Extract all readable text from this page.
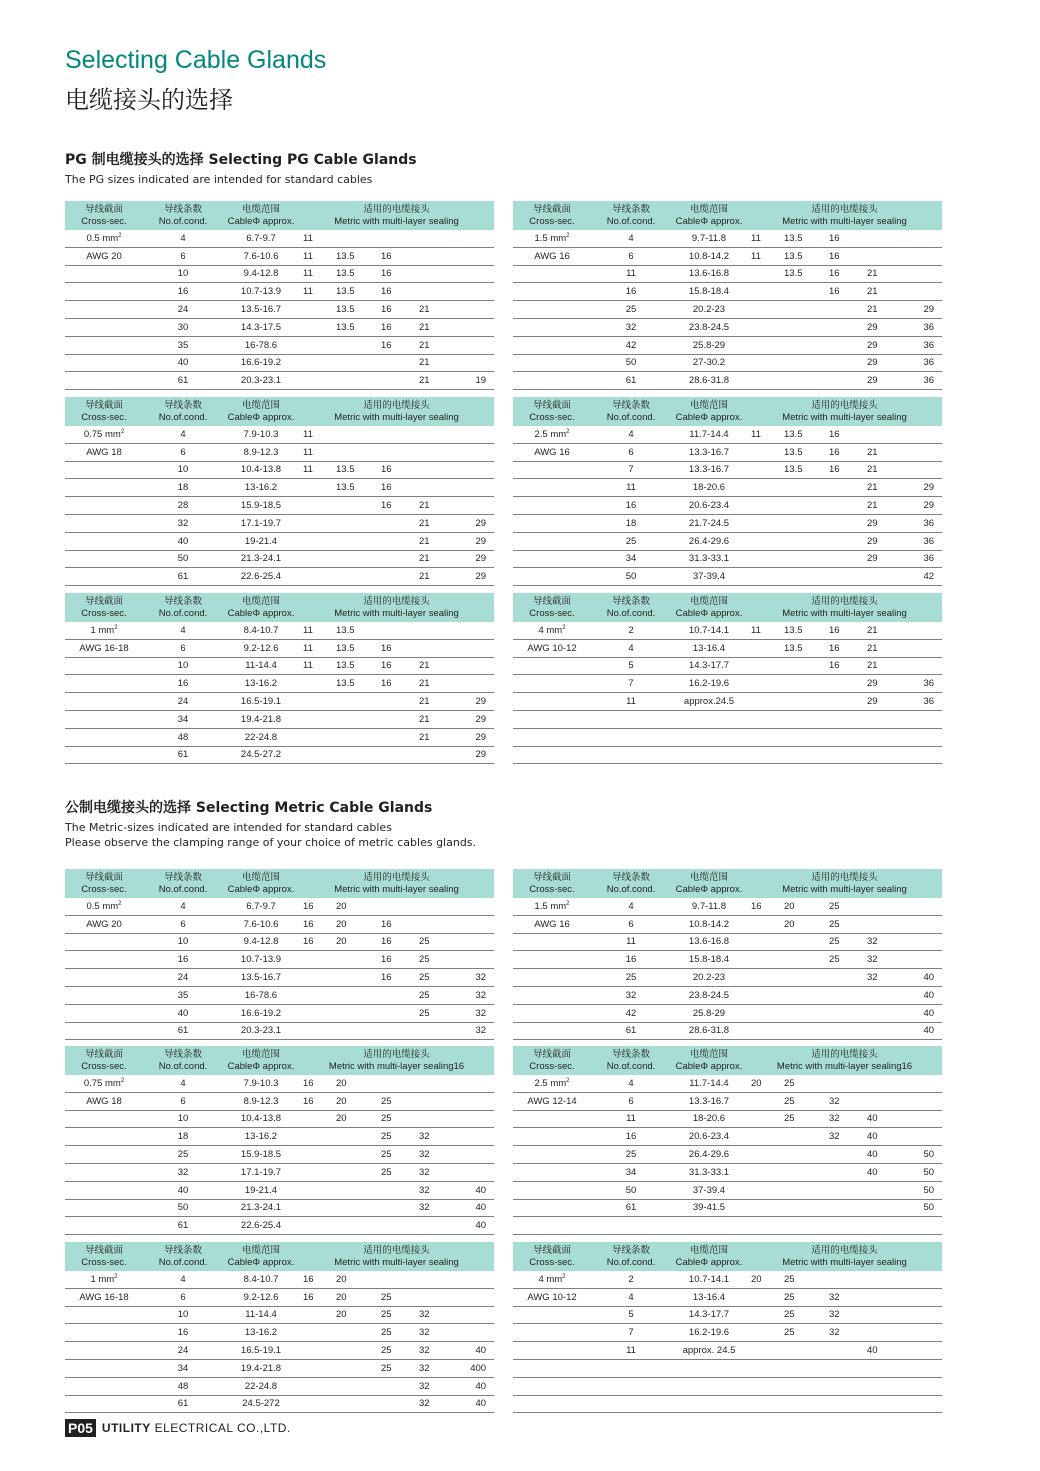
Selecting Cable Glands
电缆接头的选择
PG 制电缆接头的选择 Selecting PG Cable Glands
The PG sizes indicated are intended for standard cables
公制电缆接头的选择 Selecting Metric Cable Glands
The Metric-sizes indicated are intended for standard cables
Please observe the clamping range of your choice of metric cables glands.
导线截面
Cross-sec.	导线条数
No.of.cond.	电缆范围
CableΦ approx.	适用的电缆接头
Metric with multi-layer sealing				
0.5 $mm^2$	4	6.7-9.7	11				
AWG 20	6	7.6-10.6	11	13.5	16		
	10	9.4-12.8	11	13.5	16		
	16	10.7-13.9	11	13.5	16		
	24	13.5-16.7		13.5	16	21	
	30	14.3-17.5		13.5	16	21	
	35	16-78.6			16	21	
	40	16.6-19.2				21	
	61	20.3-23.1				21	19
导线截面
Cross-sec.	导线条数
No.of.cond.	电缆范围
CableΦ approx.	适用的电缆接头
Metric with multi-layer sealing				
1.5 $mm^2$	4	9.7-11.8	11	13.5	16		
AWG 16	6	10.8-14.2	11	13.5	16		
	11	13.6-16.8		13.5	16	21	
	16	15.8-18.4			16	21	
	25	20.2-23				21	29
	32	23.8-24.5				29	36
	42	25.8-29				29	36
	50	27-30.2				29	36
	61	28.6-31.8				29	36
导线截面
Cross-sec.	导线条数
No.of.cond.	电缆范围
CableΦ approx.	适用的电缆接头
Metric with multi-layer sealing				
0.75 $mm^2$	4	7.9-10.3	11				
AWG 18	6	8.9-12.3	11				
	10	10.4-13.8	11	13.5	16		
	18	13-16.2		13.5	16		
	28	15.9-18.5			16	21	
	32	17.1-19.7				21	29
	40	19-21.4				21	29
	50	21.3-24.1				21	29
	61	22.6-25.4				21	29
导线截面
Cross-sec.	导线条数
No.of.cond.	电缆范围
CableΦ approx.	适用的电缆接头
Metric with multi-layer sealing				
2.5 $mm^2$	4	11.7-14.4	11	13.5	16		
AWG 16	6	13.3-16.7		13.5	16	21	
	7	13.3-16.7		13.5	16	21	
	11	18-20.6				21	29
	16	20.6-23.4				21	29
	18	21.7-24.5				29	36
	25	26.4-29.6				29	36
	34	31.3-33.1				29	36
	50	37-39.4					42
导线截面
Cross-sec.	导线条数
No.of.cond.	电缆范围
CableΦ approx.	适用的电缆接头
Metric with multi-layer sealing				
1 $mm^2$	4	8.4-10.7	11	13.5			
AWG 16-18	6	9.2-12.6	11	13.5	16		
	10	11-14.4	11	13.5	16	21	
	16	13-16.2		13.5	16	21	
	24	16.5-19.1				21	29
	34	19.4-21.8				21	29
	48	22-24.8				21	29
	61	24.5-27.2					29
导线截面
Cross-sec.	导线条数
No.of.cond.	电缆范围
CableΦ approx.	适用的电缆接头
Metric with multi-layer sealing				
4 $mm^2$	2	10.7-14.1	11	13.5	16	21	
AWG 10-12	4	13-16.4		13.5	16	21	
	5	14.3-17.7			16	21	
	7	16.2-19.6				29	36
	11	approx.24.5				29	36

导线截面
Cross-sec.	导线条数
No.of.cond.	电缆范围
CableΦ approx.	适用的电缆接头
Metric with multi-layer sealing				
0.5 $mm^2$	4	6.7-9.7	16	20			
AWG 20	6	7.6-10.6	16	20	16		
	10	9.4-12.8	16	20	16	25	
	16	10.7-13.9			16	25	
	24	13.5-16.7			16	25	32
	35	16-78.6				25	32
	40	16.6-19.2				25	32
	61	20.3-23.1					32
导线截面
Cross-sec.	导线条数
No.of.cond.	电缆范围
CableΦ approx.	适用的电缆接头
Metric with multi-layer sealing				
1.5 $mm^2$	4	9.7-11.8	16	20	25		
AWG 16	6	10.8-14.2		20	25		
	11	13.6-16.8			25	32	
	16	15.8-18.4			25	32	
	25	20.2-23				32	40
	32	23.8-24.5					40
	42	25.8-29					40
	61	28.6-31.8					40
导线截面
Cross-sec.	导线条数
No.of.cond.	电缆范围
CableΦ approx.	适用的电缆接头
Metric with multi-layer sealing16				
0.75 $mm^2$	4	7.9-10.3	16	20			
AWG 18	6	8.9-12.3	16	20	25		
	10	10.4-13.8		20	25		
	18	13-16.2			25	32	
	25	15.9-18.5			25	32	
	32	17.1-19.7			25	32	
	40	19-21.4				32	40
	50	21.3-24.1				32	40
	61	22.6-25.4					40
导线截面
Cross-sec.	导线条数
No.of.cond.	电缆范围
CableΦ approx.	适用的电缆接头
Metric with multi-layer sealing16				
2.5 $mm^2$	4	11.7-14.4	20	25			
AWG 12-14	6	13.3-16.7		25	32		
	11	18-20.6		25	32	40	
	16	20.6-23.4			32	40	
	25	26.4-29.6				40	50
	34	31.3-33.1				40	50
	50	37-39.4					50
	61	39-41.5					50

导线截面
Cross-sec.	导线条数
No.of.cond.	电缆范围
CableΦ approx.	适用的电缆接头
Metric with multi-layer sealing				
1 $mm^2$	4	8.4-10.7	16	20			
AWG 16-18	6	9.2-12.6	16	20	25		
	10	11-14.4		20	25	32	
	16	13-16.2			25	32	
	24	16.5-19.1			25	32	40
	34	19.4-21.8			25	32	400
	48	22-24.8				32	40
	61	24.5-272				32	40
导线截面
Cross-sec.	导线条数
No.of.cond.	电缆范围
CableΦ approx.	适用的电缆接头
Metric with multi-layer sealing				
4 $mm^2$	2	10.7-14.1	20	25			
AWG 10-12	4	13-16.4		25	32		
	5	14.3-17.7		25	32		
	7	16.2-19.6		25	32		
	11	approx. 24.5				40	

P05 UTILITY ELECTRICAL CO.,LTD.
